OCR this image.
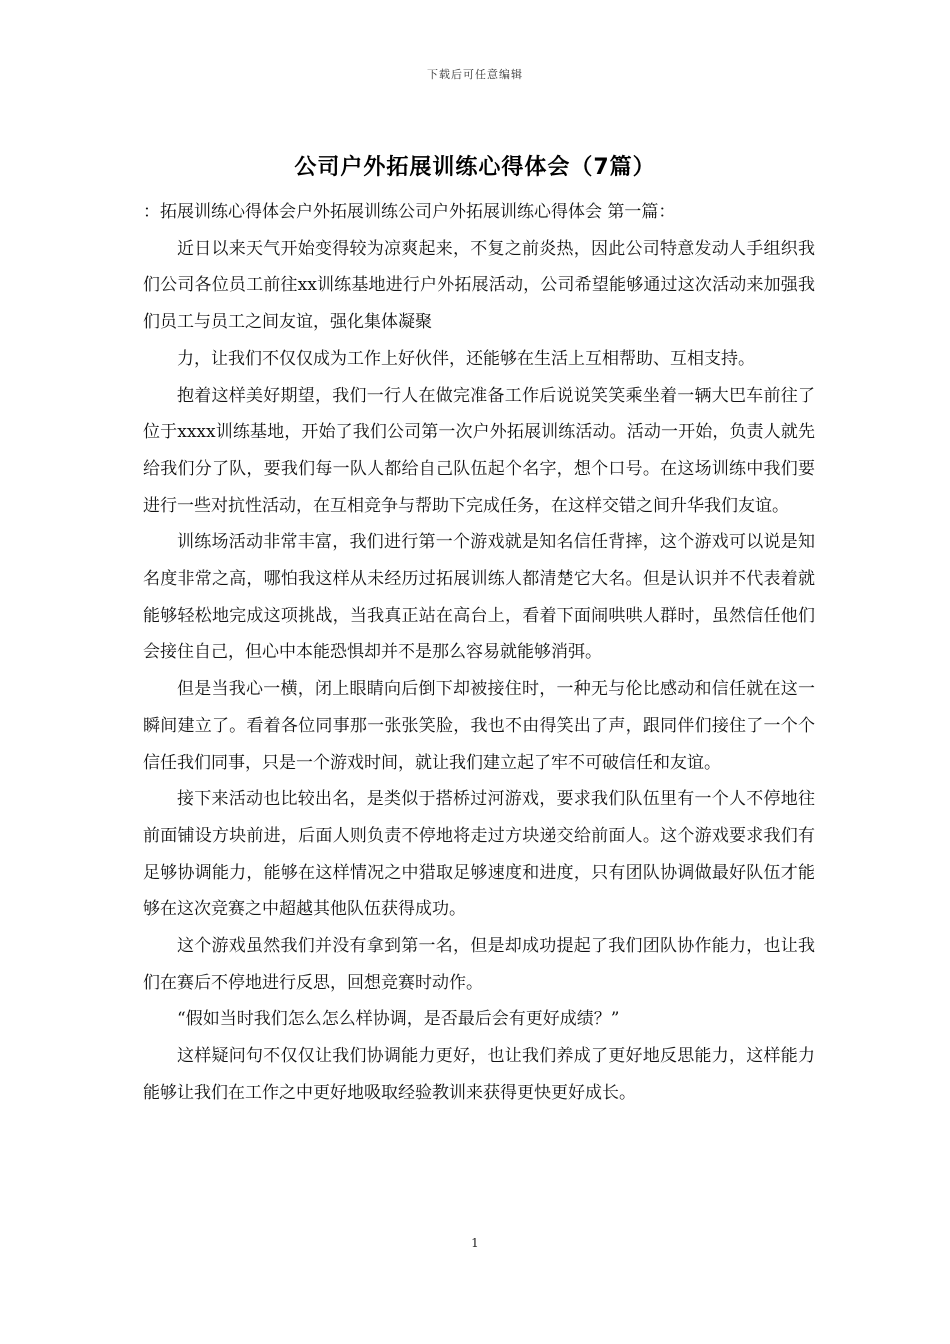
下载后可任意编辑
公司户外拓展训练心得体会（7篇）

：拓展训练心得体会户外拓展训练公司户外拓展训练心得体会 第一篇：

近日以来天气开始变得较为凉爽起来，不复之前炎热，因此公司特意发动人手组织我们公司各位员工前往xx训练基地进行户外拓展活动，公司希望能够通过这次活动来加强我们员工与员工之间友谊，强化集体凝聚

力，让我们不仅仅成为工作上好伙伴，还能够在生活上互相帮助、互相支持。

抱着这样美好期望，我们一行人在做完准备工作后说说笑笑乘坐着一辆大巴车前往了位于xxxx训练基地，开始了我们公司第一次户外拓展训练活动。活动一开始，负责人就先给我们分了队，要我们每一队人都给自己队伍起个名字，想个口号。在这场训练中我们要进行一些对抗性活动，在互相竞争与帮助下完成任务，在这样交错之间升华我们友谊。

训练场活动非常丰富，我们进行第一个游戏就是知名信任背摔，这个游戏可以说是知名度非常之高，哪怕我这样从未经历过拓展训练人都清楚它大名。但是认识并不代表着就能够轻松地完成这项挑战，当我真正站在高台上，看着下面闹哄哄人群时，虽然信任他们会接住自己，但心中本能恐惧却并不是那么容易就能够消弭。

但是当我心一横，闭上眼睛向后倒下却被接住时，一种无与伦比感动和信任就在这一瞬间建立了。看着各位同事那一张张笑脸，我也不由得笑出了声，跟同伴们接住了一个个信任我们同事，只是一个游戏时间，就让我们建立起了牢不可破信任和友谊。

接下来活动也比较出名，是类似于搭桥过河游戏，要求我们队伍里有一个人不停地往前面铺设方块前进，后面人则负责不停地将走过方块递交给前面人。这个游戏要求我们有足够协调能力，能够在这样情况之中猎取足够速度和进度，只有团队协调做最好队伍才能够在这次竞赛之中超越其他队伍获得成功。

这个游戏虽然我们并没有拿到第一名，但是却成功提起了我们团队协作能力，也让我们在赛后不停地进行反思，回想竞赛时动作。

“假如当时我们怎么怎么样协调，是否最后会有更好成绩？”

这样疑问句不仅仅让我们协调能力更好，也让我们养成了更好地反思能力，这样能力能够让我们在工作之中更好地吸取经验教训来获得更快更好成长。

1
